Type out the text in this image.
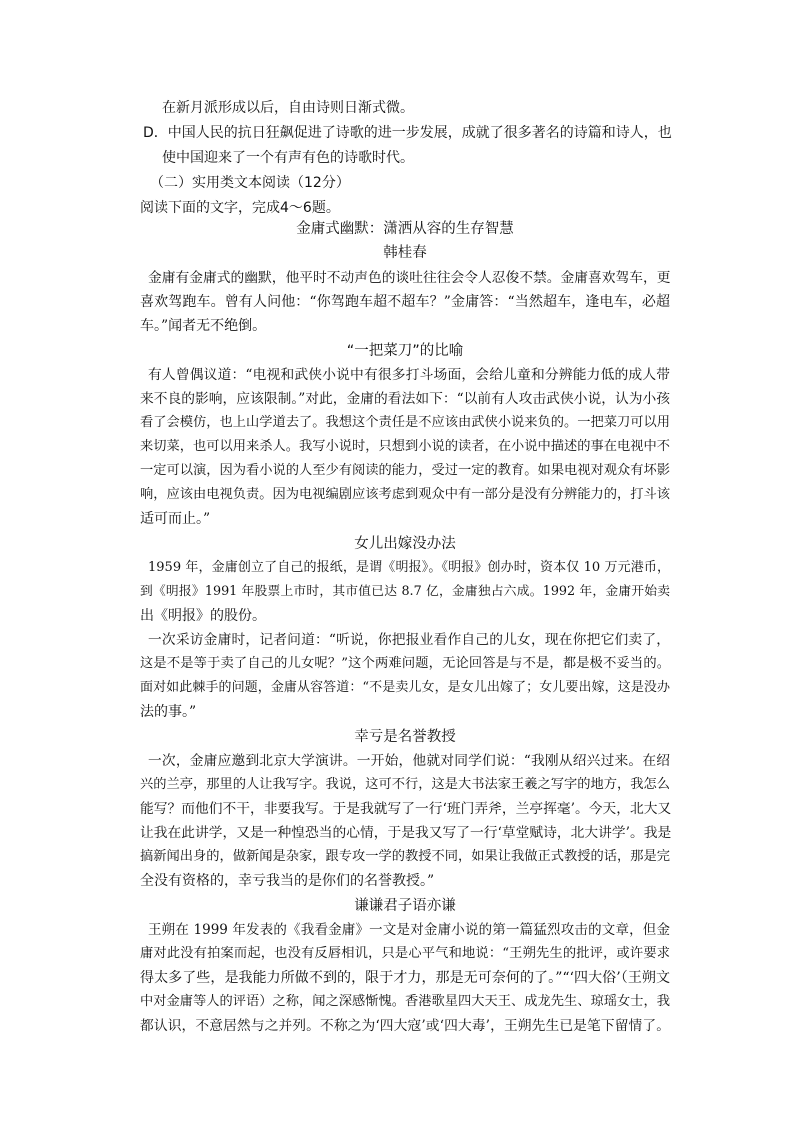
在新月派形成以后，自由诗则日渐式微。
D．中国人民的抗日狂飙促进了诗歌的进一步发展，成就了很多著名的诗篇和诗人，也
使中国迎来了一个有声有色的诗歌时代。
（二）实用类文本阅读（12分）
阅读下面的文字，完成4～6题。
金庸式幽默：潇洒从容的生存智慧
韩桂春
金庸有金庸式的幽默，他平时不动声色的谈吐往往会令人忍俊不禁。金庸喜欢驾车，更
喜欢驾跑车。曾有人问他：“你驾跑车超不超车？”金庸答：“当然超车，逢电车，必超
车。”闻者无不绝倒。
“一把菜刀”的比喻
有人曾偶议道：“电视和武侠小说中有很多打斗场面，会给儿童和分辨能力低的成人带
来不良的影响，应该限制。”对此，金庸的看法如下：“以前有人攻击武侠小说，认为小孩
看了会模仿，也上山学道去了。我想这个责任是不应该由武侠小说来负的。一把菜刀可以用
来切菜，也可以用来杀人。我写小说时，只想到小说的读者，在小说中描述的事在电视中不
一定可以演，因为看小说的人至少有阅读的能力，受过一定的教育。如果电视对观众有坏影
响，应该由电视负责。因为电视编剧应该考虑到观众中有一部分是没有分辨能力的，打斗该
适可而止。”
女儿出嫁没办法
1959 年，金庸创立了自己的报纸，是谓《明报》。《明报》创办时，资本仅 10 万元港币，
到《明报》1991 年股票上市时，其市值已达 8.7 亿，金庸独占六成。1992 年，金庸开始卖
出《明报》的股份。
一次采访金庸时，记者问道：“听说，你把报业看作自己的儿女，现在你把它们卖了，
这是不是等于卖了自己的儿女呢？”这个两难问题，无论回答是与不是，都是极不妥当的。
面对如此棘手的问题，金庸从容答道：“不是卖儿女，是女儿出嫁了；女儿要出嫁，这是没办
法的事。”
幸亏是名誉教授
一次，金庸应邀到北京大学演讲。一开始，他就对同学们说：“我刚从绍兴过来。在绍
兴的兰亭，那里的人让我写字。我说，这可不行，这是大书法家王羲之写字的地方，我怎么
能写？而他们不干，非要我写。于是我就写了一行‘班门弄斧，兰亭挥毫’。今天，北大又
让我在此讲学，又是一种惶恐当的心情，于是我又写了一行‘草堂赋诗，北大讲学’。我是
搞新闻出身的，做新闻是杂家，跟专攻一学的教授不同，如果让我做正式教授的话，那是完
全没有资格的，幸亏我当的是你们的名誉教授。”
谦谦君子语亦谦
王朔在 1999 年发表的《我看金庸》一文是对金庸小说的第一篇猛烈攻击的文章，但金
庸对此没有拍案而起，也没有反唇相讥，只是心平气和地说：“王朔先生的批评，或许要求
得太多了些，是我能力所做不到的，限于才力，那是无可奈何的了。”“‘四大俗’（王朔文
中对金庸等人的评语）之称，闻之深感惭愧。香港歌星四大天王、成龙先生、琼瑶女士，我
都认识，不意居然与之并列。不称之为‘四大寇’或‘四大毒’，王朔先生已是笔下留情了。
